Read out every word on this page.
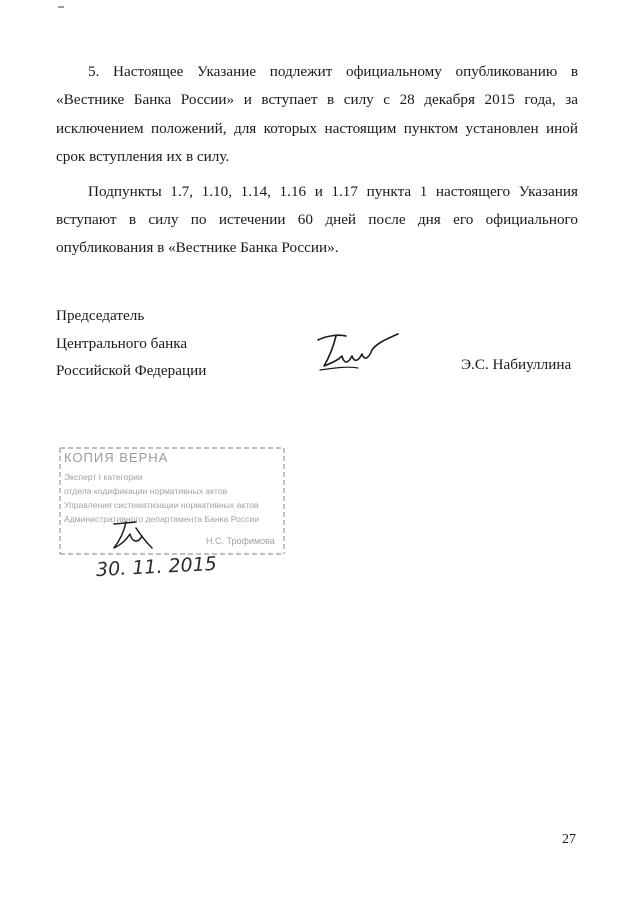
5. Настоящее Указание подлежит официальному опубликованию в «Вестнике Банка России» и вступает в силу с 28 декабря 2015 года, за исключением положений, для которых настоящим пунктом установлен иной срок вступления их в силу.

Подпункты 1.7, 1.10, 1.14, 1.16 и 1.17 пункта 1 настоящего Указания вступают в силу по истечении 60 дней после дня его официального опубликования в «Вестнике Банка России».

Председатель
Центрального банка
Российской Федерации	Э.С. Набиуллина
КОПИЯ ВЕРНА
Эксперт I категории
отдела кодификации нормативных актов
Управления систематизации нормативных актов
Административного департамента Банка России
Н.С. Трофимова
30. 11. 2015
27
